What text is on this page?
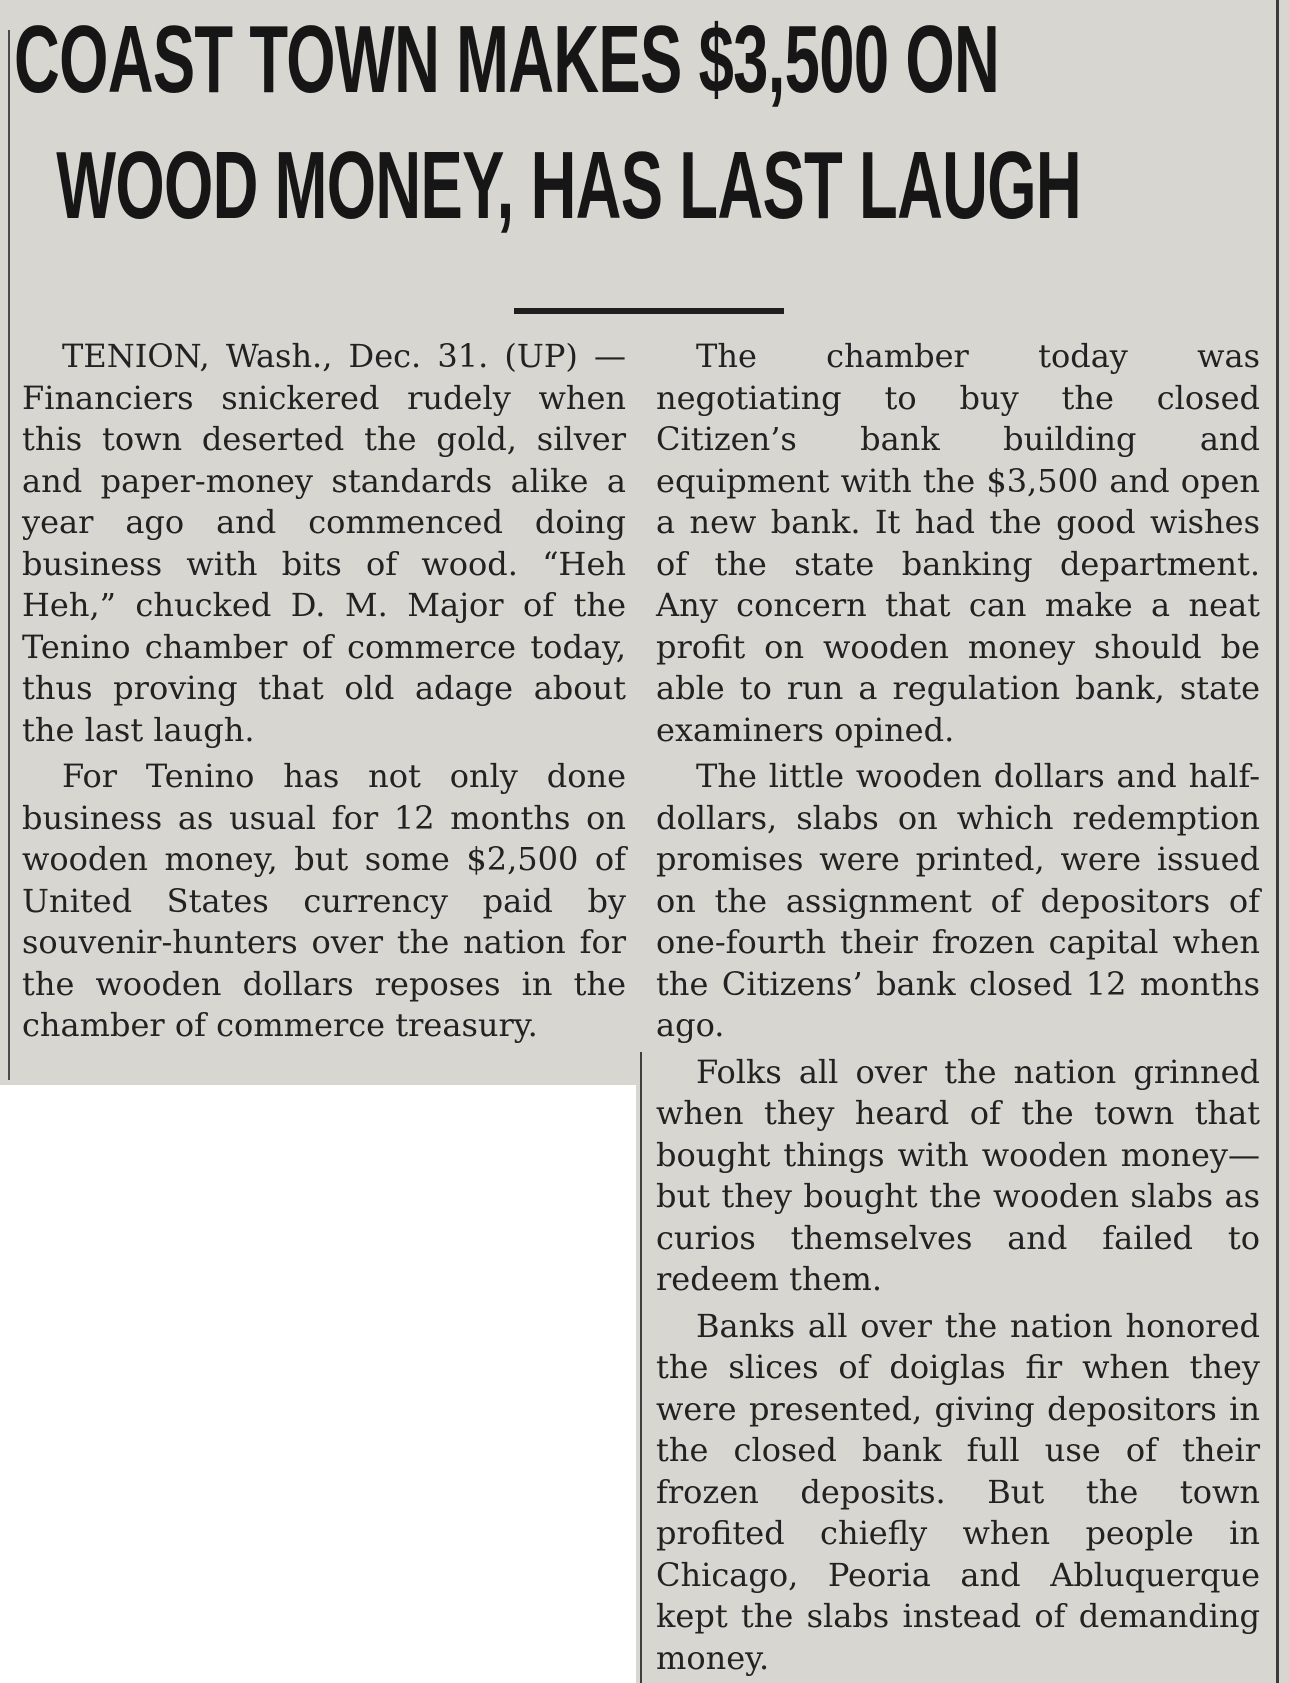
COAST TOWN MAKES $3,500 ON
WOOD MONEY, HAS LAST LAUGH

TENION, Wash., Dec. 31. (UP) — Financiers snickered rudely when this town deserted the gold, silver and paper-money standards alike a year ago and commenced doing business with bits of wood. “Heh Heh,” chucked D. M. Major of the Tenino chamber of commerce today, thus proving that old adage about the last laugh.

For Tenino has not only done business as usual for 12 months on wooden money, but some $2,500 of United States currency paid by souvenir-hunters over the nation for the wooden dollars reposes in the chamber of commerce treasury.

The chamber today was negotiating to buy the closed Citizen’s bank building and equipment with the $3,500 and open a new bank. It had the good wishes of the state banking department. Any concern that can make a neat profit on wooden money should be able to run a regulation bank, state examiners opined.

The little wooden dollars and half-dollars, slabs on which redemption promises were printed, were issued on the assignment of depositors of one-fourth their frozen capital when the Citizens’ bank closed 12 months ago.

Folks all over the nation grinned when they heard of the town that bought things with wooden money—but they bought the wooden slabs as curios themselves and failed to redeem them.

Banks all over the nation honored the slices of doiglas fir when they were presented, giving depositors in the closed bank full use of their frozen deposits. But the town profited chiefly when people in Chicago, Peoria and Abluquerque kept the slabs instead of demanding money.
